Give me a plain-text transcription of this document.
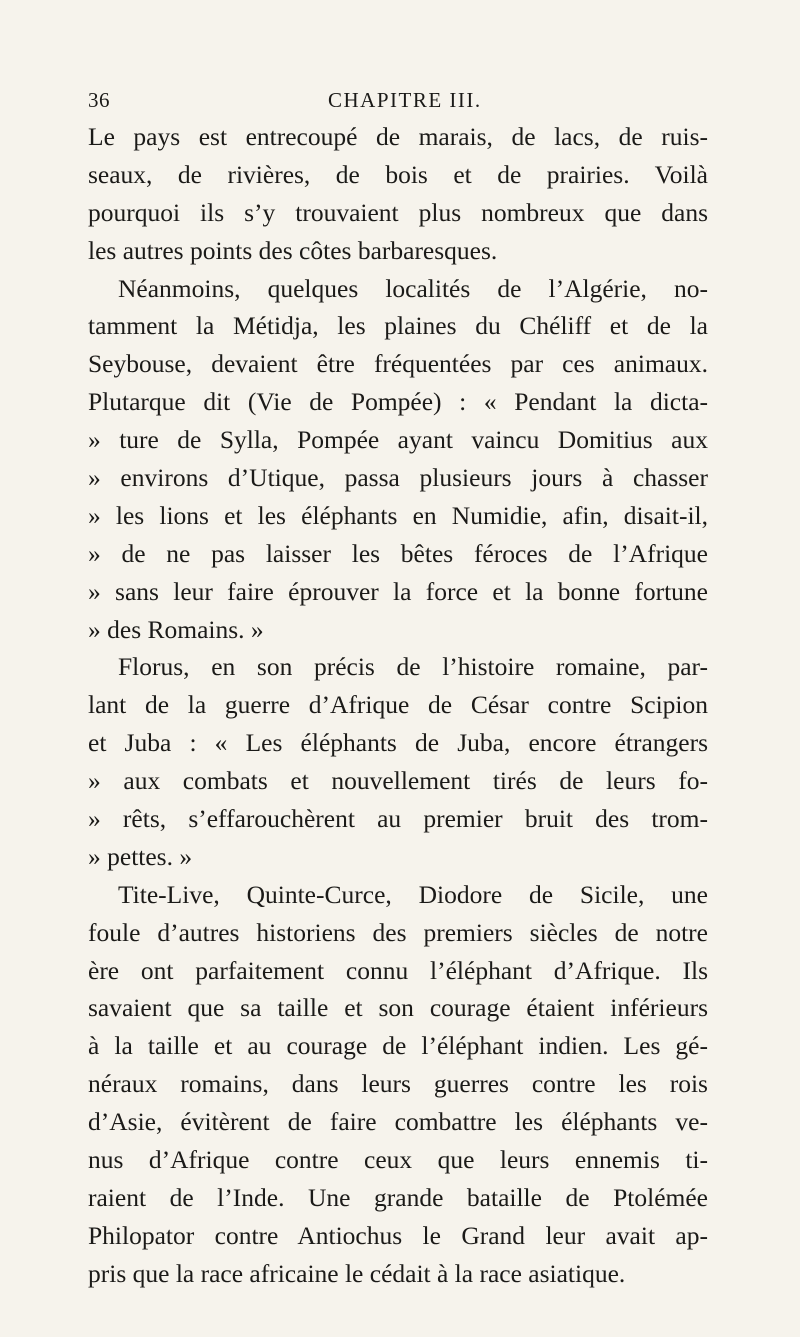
36	CHAPITRE III.
Le pays est entrecoupé de marais, de lacs, de ruis-
seaux, de rivières, de bois et de prairies. Voilà
pourquoi ils s’y trouvaient plus nombreux que dans
les autres points des côtes barbaresques.
Néanmoins, quelques localités de l’Algérie, no-
tamment la Métidja, les plaines du Chéliff et de la
Seybouse, devaient être fréquentées par ces animaux.
Plutarque dit (Vie de Pompée) : « Pendant la dicta-
» ture de Sylla, Pompée ayant vaincu Domitius aux
» environs d’Utique, passa plusieurs jours à chasser
» les lions et les éléphants en Numidie, afin, disait-il,
» de ne pas laisser les bêtes féroces de l’Afrique
» sans leur faire éprouver la force et la bonne fortune
» des Romains. »
Florus, en son précis de l’histoire romaine, par-
lant de la guerre d’Afrique de César contre Scipion
et Juba : « Les éléphants de Juba, encore étrangers
» aux combats et nouvellement tirés de leurs fo-
» rêts, s’effarouchèrent au premier bruit des trom-
» pettes. »
Tite-Live, Quinte-Curce, Diodore de Sicile, une
foule d’autres historiens des premiers siècles de notre
ère ont parfaitement connu l’éléphant d’Afrique. Ils
savaient que sa taille et son courage étaient inférieurs
à la taille et au courage de l’éléphant indien. Les gé-
néraux romains, dans leurs guerres contre les rois
d’Asie, évitèrent de faire combattre les éléphants ve-
nus d’Afrique contre ceux que leurs ennemis ti-
raient de l’Inde. Une grande bataille de Ptolémée
Philopator contre Antiochus le Grand leur avait ap-
pris que la race africaine le cédait à la race asiatique.
